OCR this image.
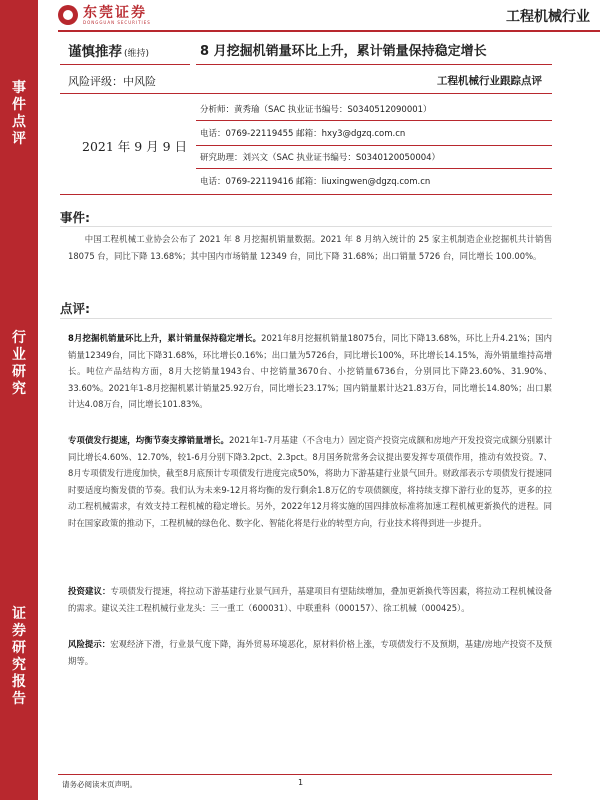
事
件
点
评
行
业
研
究
证
券
研
究
报
告
东莞证券
DONGGUAN SECURITIES	工程机械行业
谨慎推荐 (维持)
风险评级：中风险
8 月挖掘机销量环比上升，累计销量保持稳定增长
工程机械行业跟踪点评
2021 年 9 月 9 日
分析师：黄秀瑜（SAC 执业证书编号：S0340512090001）
电话：0769-22119455 邮箱：hxy3@dgzq.com.cn
研究助理：刘兴文（SAC 执业证书编号：S0340120050004）
电话：0769-22119416 邮箱：liuxingwen@dgzq.com.cn
事件:
中国工程机械工业协会公布了 2021 年 8 月挖掘机销量数据。2021 年 8 月纳入统计的 25 家主机制造企业挖掘机共计销售 18075 台，同比下降 13.68%；其中国内市场销量 12349 台，同比下降 31.68%；出口销量 5726 台，同比增长 100.00%。
点评:
8月挖掘机销量环比上升，累计销量保持稳定增长。2021年8月挖掘机销量18075台，同比下降13.68%，环比上升4.21%；国内销量12349台，同比下降31.68%，环比增长0.16%；出口量为5726台，同比增长100%，环比增长14.15%，海外销量维持高增长。吨位产品结构方面，8月大挖销量1943台、中挖销量3670台、小挖销量6736台，分别同比下降23.60%、31.90%、33.60%。2021年1-8月挖掘机累计销量25.92万台，同比增长23.17%；国内销量累计达21.83万台，同比增长14.80%；出口累计达4.08万台，同比增长101.83%。
专项债发行提速，均衡节奏支撑销量增长。2021年1-7月基建（不含电力）固定资产投资完成额和房地产开发投资完成额分别累计同比增长4.60%、12.70%，较1-6月分别下降3.2pct、2.3pct。8月国务院常务会议提出要发挥专项债作用，推动有效投资。7、8月专项债发行进度加快，截至8月底预计专项债发行进度完成50%，将助力下游基建行业景气回升。财政部表示专项债发行提速同时要适度均衡发债的节奏。我们认为未来9-12月将均衡的发行剩余1.8万亿的专项债额度，将持续支撑下游行业的复苏，更多的拉动工程机械需求，有效支持工程机械的稳定增长。另外，2022年12月将实施的国四排放标准将加速工程机械更新换代的进程。同时在国家政策的推动下，工程机械的绿色化、数字化、智能化将是行业的转型方向，行业技术将得到进一步提升。
投资建议：专项债发行提速，将拉动下游基建行业景气回升，基建项目有望陆续增加，叠加更新换代等因素，将拉动工程机械设备的需求。建议关注工程机械行业龙头：三一重工（600031）、中联重科（000157）、徐工机械（000425）。
风险提示：宏观经济下滑，行业景气度下降，海外贸易环境恶化，原材料价格上涨，专项债发行不及预期，基建/房地产投资不及预期等。
请务必阅读末页声明。	1
